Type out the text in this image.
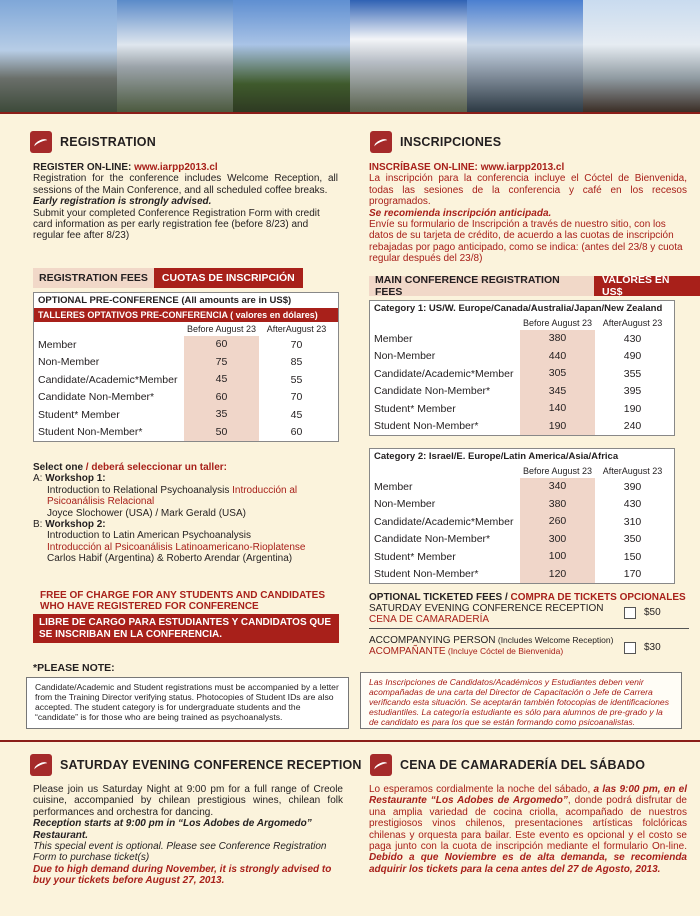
REGISTRATION
REGISTER ON-LINE: www.iarpp2013.cl
Registration for the conference includes Welcome Reception, all sessions of the Main Conference, and all scheduled coffee breaks.
Early registration is strongly advised.
Submit your completed Conference Registration Form with credit card information as per early registration fee (before 8/23) and regular fee after 8/23)
REGISTRATION FEES	CUOTAS DE INSCRIPCIÓN
OPTIONAL PRE-CONFERENCE (All amounts are in US$)
TALLERES OPTATIVOS PRE-CONFERENCIA ( valores en dólares)
Before August 23	AfterAugust 23
Member	60	70
Non-Member	75	85
Candidate/Academic*Member	45	55
Candidate Non-Member*	60	70
Student* Member	35	45
Student Non-Member*	50	60
Select one / deberá seleccionar un taller:
A: Workshop 1:
Introduction to Relational Psychoanalysis Introducción al Psicoanálisis Relacional
Joyce Slochower (USA) / Mark Gerald (USA)
B: Workshop 2:
Introduction to Latin American Psychoanalysis
Introducción al Psicoanálisis Latinoamericano-Rioplatense
Carlos Habif (Argentina) & Roberto Arendar (Argentina)
FREE OF CHARGE FOR ANY STUDENTS AND CANDIDATES WHO HAVE REGISTERED FOR CONFERENCE
LIBRE DE CARGO PARA ESTUDIANTES Y CANDIDATOS QUE SE INSCRIBAN EN LA CONFERENCIA.
*PLEASE NOTE:
Candidate/Academic and Student registrations must be accompanied by a letter from the Training Director verifying status. Photocopies of Student IDs are also accepted. The student category is for undergraduate students and the “candidate” is for those who are being trained as psychoanalysts.
Las Inscripciones de Candidatos/Académicos y Estudiantes deben venir acompañadas de una carta del Director de Capacitación o Jefe de Carrera verificando esta situación. Se aceptarán también fotocopias de identificaciones estudiantiles. La categoría estudiante es sólo para alumnos de pre-grado y la de candidato es para los que se están formando como psicoanalistas.
INSCRIPCIONES
INSCRÍBASE ON-LINE: www.iarpp2013.cl
La inscripción para la conferencia incluye el Cóctel de Bienvenida, todas las sesiones de la conferencia y café en los recesos programados.
Se recomienda inscripción anticipada.
Envíe su formulario de Inscripción a través de nuestro sitio, con los datos de su tarjeta de crédito, de acuerdo a las cuotas de inscripción rebajadas por pago anticipado, como se indica: (antes del 23/8 y cuota regular después del 23/8)
MAIN CONFERENCE REGISTRATION FEES
VALORES EN US$
Category 1: US/W. Europe/Canada/Australia/Japan/New Zealand
Before August 23	AfterAugust 23
Member	380	430
Non-Member	440	490
Candidate/Academic*Member	305	355
Candidate Non-Member*	345	395
Student* Member	140	190
Student Non-Member*	190	240
Category 2: Israel/E. Europe/Latin America/Asia/Africa
Before August 23	AfterAugust 23
Member	340	390
Non-Member	380	430
Candidate/Academic*Member	260	310
Candidate Non-Member*	300	350
Student* Member	100	150
Student Non-Member*	120	170
OPTIONAL TICKETED FEES / COMPRA DE TICKETS OPCIONALES
SATURDAY EVENING CONFERENCE RECEPTION
CENA DE CAMARADERÍA
$50
ACCOMPANYING PERSON (Includes Welcome Reception)
ACOMPAÑANTE (Incluye Cóctel de Bienvenida)	$30
SATURDAY EVENING CONFERENCE RECEPTION
Please join us Saturday Night at 9:00 pm for a full range of Creole cuisine, accompanied by chilean prestigious wines, chilean folk performances and orchestra for dancing.
Reception starts at 9:00 pm in “Los Adobes de Argomedo” Restaurant.
This special event is optional. Please see Conference Registration Form to purchase ticket(s)
Due to high demand during November, it is strongly advised to buy your tickets before August 27, 2013.
CENA DE CAMARADERÍA DEL SÁBADO
Lo esperamos cordialmente la noche del sábado, a las 9:00 pm, en el Restaurante “Los Adobes de Argomedo”, donde podrá disfrutar de una amplia variedad de cocina criolla, acompañado de nuestros prestigiosos vinos chilenos, presentaciones artísticas folclóricas chilenas y orquesta para bailar. Este evento es opcional y el costo se paga junto con la cuota de inscripción mediante el formulario On-line. Debido a que Noviembre es de alta demanda, se recomienda adquirir los tickets para la cena antes del 27 de Agosto, 2013.
